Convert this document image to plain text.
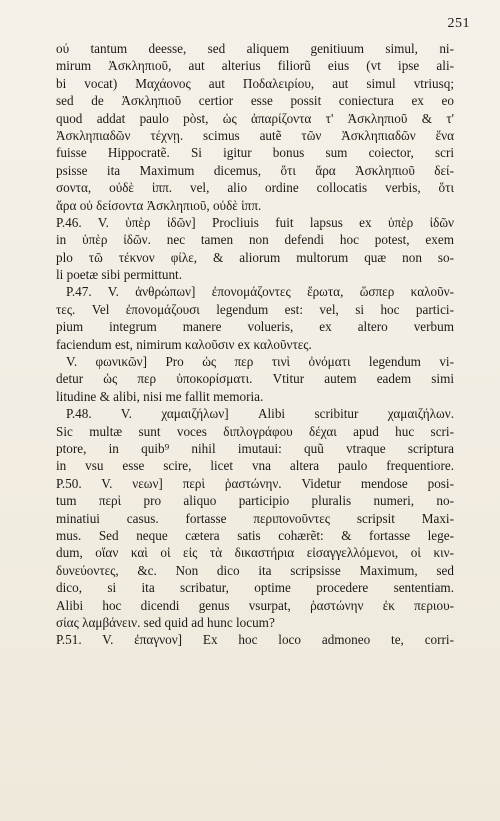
251
ού tantum deesse, sed aliquem genitiuum simul, ni-
mirum Ἀσκληπιοῦ, aut alterius filiorũ eius (vt ipse ali-
bi vocat) Μαχάονος aut Ποδαλειρίου, aut simul vtriusq;
sed de Ἀσκληπιοῦ certior esse possit coniectura ex eo
quod addat paulo pòst, ὡς ἀπαρίζοντα τ' Ἀσκληπιοῦ & τ'
Ἀσκληπιαδῶν τέχνῃ. scimus autẽ τῶν Ἀσκληπιαδῶν ἕνα
fuisse Hippocratẽ. Si igitur bonus sum coiector, scri
psisse ita Maximum dicemus, ὅτι ἄρα Ἀσκληπιοῦ δεί-
σοντα, οὐδὲ ἱππ. vel, alio ordine collocatis verbis, ὅτι
ἄρα οὐ δείσοντα Ἀσκληπιοῦ, οὐδὲ ἱππ.
P.46. V. ὑπὲρ ἰδῶν] Procliuis fuit lapsus ex ὑπὲρ ἰδῶν
in ὑπὲρ ἰδῶν. nec tamen non defendi hoc potest, exem
plo τῶ τέκνον φίλε, & aliorum multorum quæ non so-
li poetæ sibi permittunt.
P.47. V. ἀνθρώπων] ἐπονομάζοντες ἔρωτα, ὥσπερ καλοῦν-
τες. Vel ἐπονομάζουσι legendum est: vel, si hoc partici-
pium integrum manere volueris, ex altero verbum
faciendum est, nimirum καλοῦσιν ex καλοῦντες.
V. φωνικῶν] Pro ὡς περ τινὶ ὀνόματι legendum vi-
detur ὡς περ ὑποκορίσματι. Vtitur autem eadem simi
litudine & alibi, nisi me fallit memoria.
P.48. V. χαμαιζήλων] Alibi scribitur χαμαιζήλων.
Sic multæ sunt voces διπλογράφου δέχαι apud huc scri-
ptore, in quib⁹ nihil imutaui: quũ vtraque scriptura
in vsu esse scire, licet vna altera paulo frequentiore.
P.50. V. νεων] περὶ ῥαστώνην. Videtur mendose posi-
tum περὶ pro aliquo participio pluralis numeri, no-
minatiui casus. fortasse περιπονοῦντες scripsit Maxi-
mus. Sed neque cætera satis cohærẽt: & fortasse lege-
dum, οἵαν καὶ οἱ εἰς τὰ δικαστήρια εἰσαγγελλόμενοι, οἱ κιν-
δυνεύοντες, &c. Non dico ita scripsisse Maximum, sed
dico, si ita scribatur, optime procedere sententiam.
Alibi hoc dicendi genus vsurpat, ῥαστώνην ἐκ περιου-
σίας λαμβάνειν. sed quid ad hunc locum?
P.51. V. ἐπαγνον] Ex hoc loco admoneo te, corri-
